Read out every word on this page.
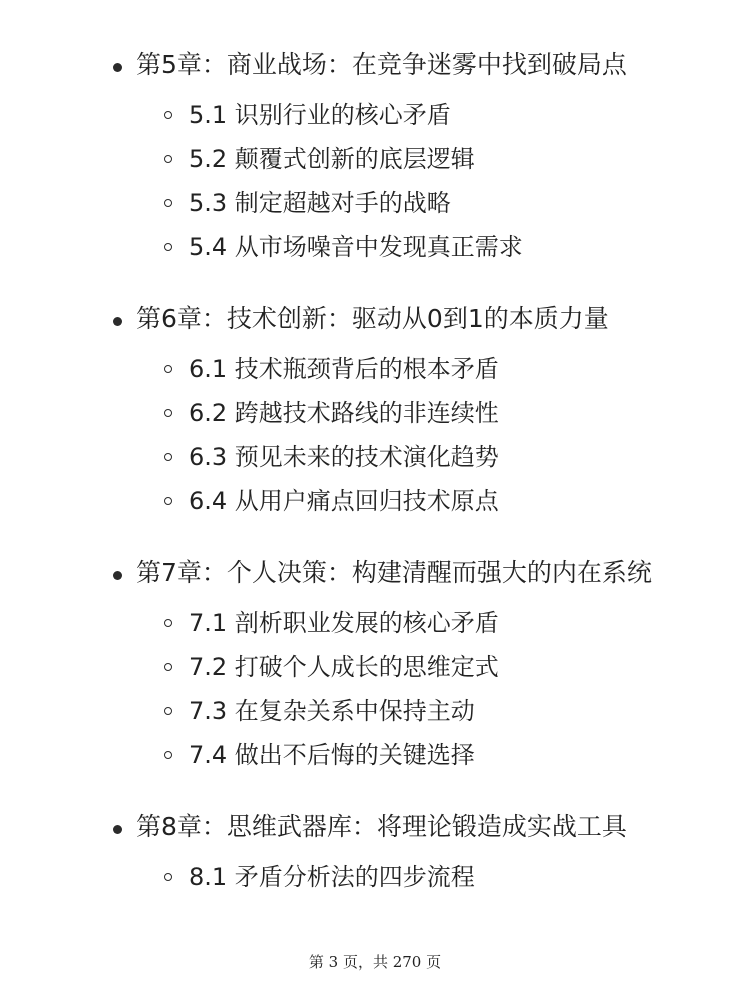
第5章：商业战场：在竞争迷雾中找到破局点
5.1 识别行业的核心矛盾
5.2 颠覆式创新的底层逻辑
5.3 制定超越对手的战略
5.4 从市场噪音中发现真正需求
第6章：技术创新：驱动从0到1的本质力量
6.1 技术瓶颈背后的根本矛盾
6.2 跨越技术路线的非连续性
6.3 预见未来的技术演化趋势
6.4 从用户痛点回归技术原点
第7章：个人决策：构建清醒而强大的内在系统
7.1 剖析职业发展的核心矛盾
7.2 打破个人成长的思维定式
7.3 在复杂关系中保持主动
7.4 做出不后悔的关键选择
第8章：思维武器库：将理论锻造成实战工具
8.1 矛盾分析法的四步流程
第 3 页，共 270 页
